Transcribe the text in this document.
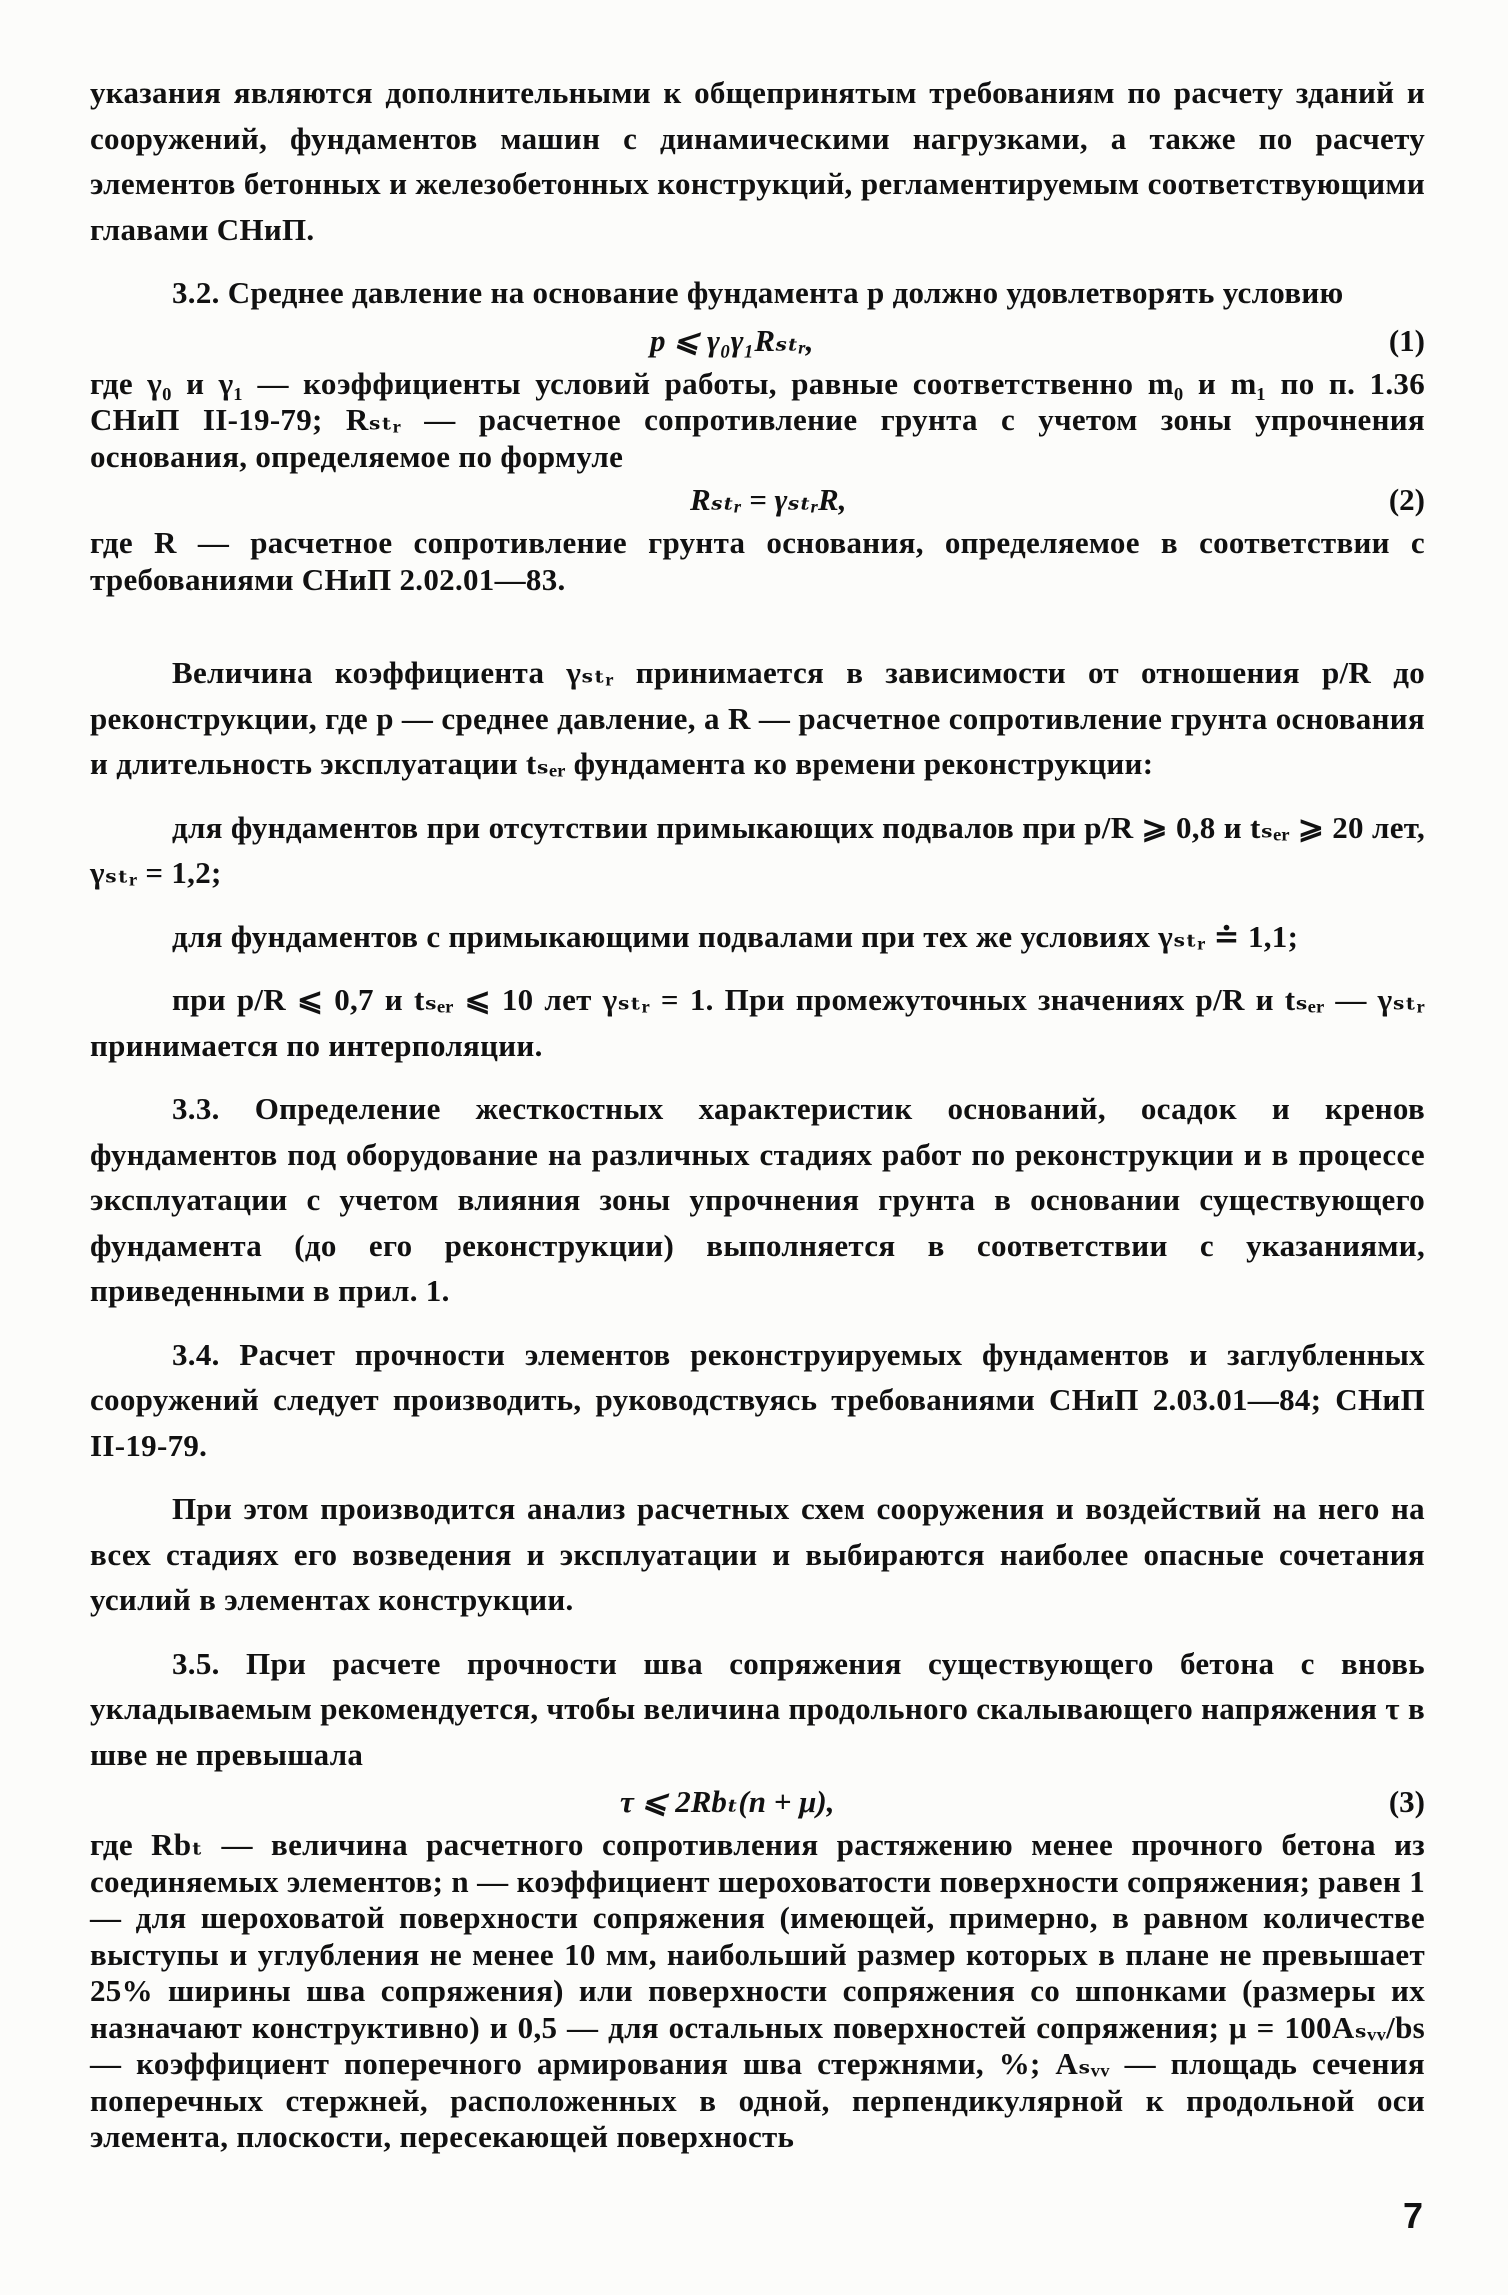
указания являются дополнительными к общепринятым требованиям по расчету зданий и сооружений, фундаментов машин с динамическими нагрузками, а также по расчету элементов бетонных и железобетонных конструкций, регламентируемым соответствующими главами СНиП.

3.2. Среднее давление на основание фундамента p должно удовлетворять условию

p ⩽ γ₀γ₁Rₛₜᵣ,	(1)

где γ₀ и γ₁ — коэффициенты условий работы, равные соответственно m₀ и m₁ по п. 1.36 СНиП II-19-79; Rₛₜᵣ — расчетное сопротивление грунта с учетом зоны упрочнения основания, определяемое по формуле

Rₛₜᵣ = γₛₜᵣR,	(2)

где R — расчетное сопротивление грунта основания, определяемое в соответствии с требованиями СНиП 2.02.01—83.

Величина коэффициента γₛₜᵣ принимается в зависимости от отношения p/R до реконструкции, где p — среднее давление, а R — расчетное сопротивление грунта основания и длительность эксплуатации tₛₑᵣ фундамента ко времени реконструкции:

для фундаментов при отсутствии примыкающих подвалов при p/R ⩾ 0,8 и tₛₑᵣ ⩾ 20 лет, γₛₜᵣ = 1,2;

для фундаментов с примыкающими подвалами при тех же условиях γₛₜᵣ ≐ 1,1;

при p/R ⩽ 0,7 и tₛₑᵣ ⩽ 10 лет γₛₜᵣ = 1. При промежуточных значениях p/R и tₛₑᵣ — γₛₜᵣ принимается по интерполяции.

3.3. Определение жесткостных характеристик оснований, осадок и кренов фундаментов под оборудование на различных стадиях работ по реконструкции и в процессе эксплуатации с учетом влияния зоны упрочнения грунта в основании существующего фундамента (до его реконструкции) выполняется в соответствии с указаниями, приведенными в прил. 1.

3.4. Расчет прочности элементов реконструируемых фундаментов и заглубленных сооружений следует производить, руководствуясь требованиями СНиП 2.03.01—84; СНиП II-19-79.

При этом производится анализ расчетных схем сооружения и воздействий на него на всех стадиях его возведения и эксплуатации и выбираются наиболее опасные сочетания усилий в элементах конструкции.

3.5. При расчете прочности шва сопряжения существующего бетона с вновь укладываемым рекомендуется, чтобы величина продольного скалывающего напряжения τ в шве не превышала

τ ⩽ 2Rbₜ(n + μ),	(3)

где Rbₜ — величина расчетного сопротивления растяжению менее прочного бетона из соединяемых элементов; n — коэффициент шероховатости поверхности сопряжения; равен 1 — для шероховатой поверхности сопряжения (имеющей, примерно, в равном количестве выступы и углубления не менее 10 мм, наибольший размер которых в плане не превышает 25% ширины шва сопряжения) или поверхности сопряжения со шпонками (размеры их назначают конструктивно) и 0,5 — для остальных поверхностей сопряжения; μ = 100Aₛᵥᵥ/bs — коэффициент поперечного армирования шва стержнями, %; Aₛᵥᵥ — площадь сечения поперечных стержней, расположенных в одной, перпендикулярной к продольной оси элемента, плоскости, пересекающей поверхность

7
